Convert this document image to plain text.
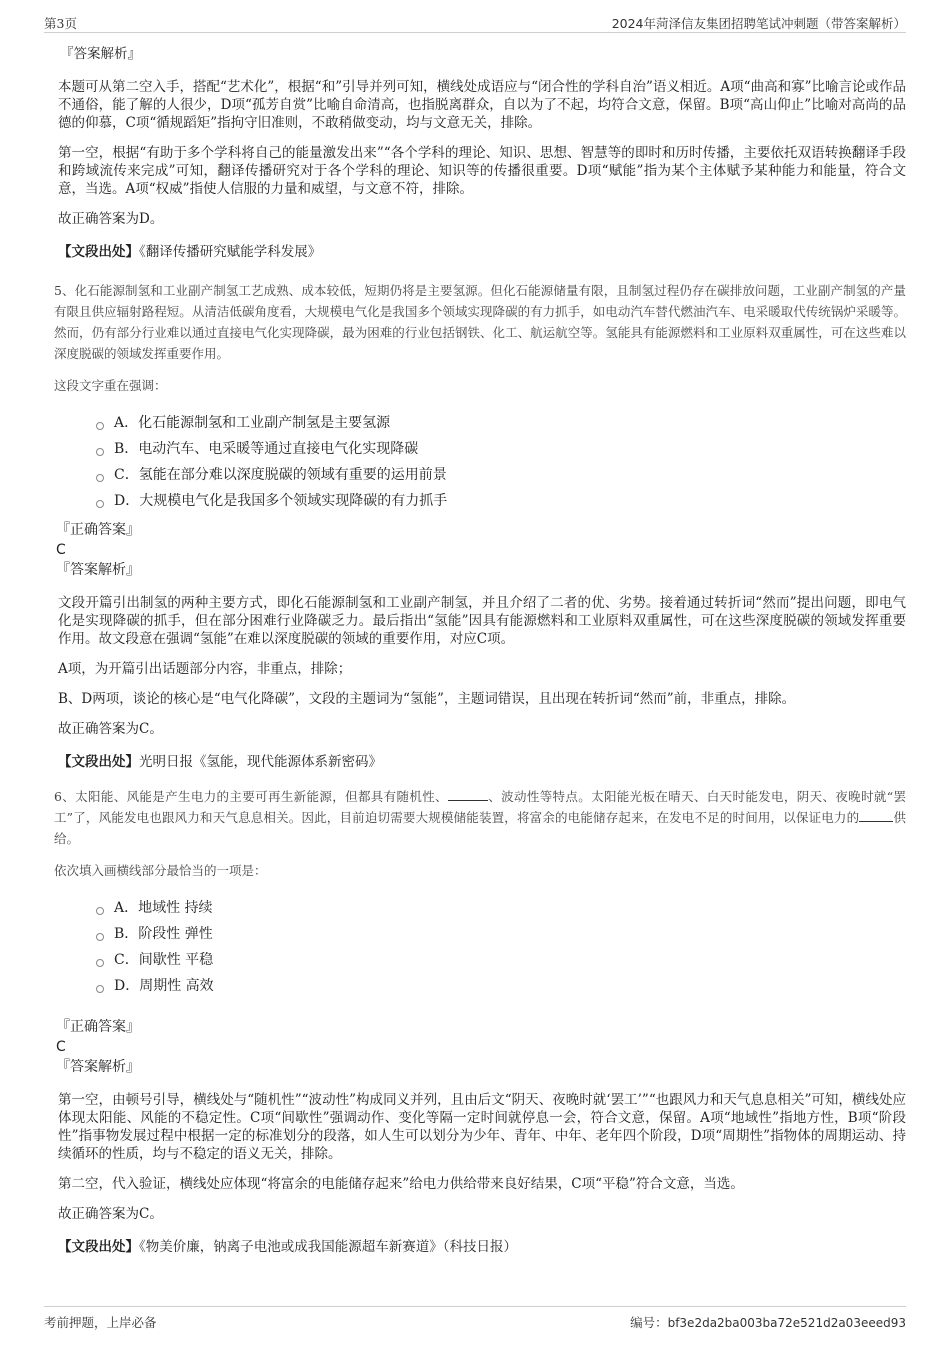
第3页	2024年菏泽信友集团招聘笔试冲刺题（带答案解析）
『答案解析』

本题可从第二空入手，搭配“艺术化”，根据“和”引导并列可知，横线处成语应与“闭合性的学科自治”语义相近。A项“曲高和寡”比喻言论或作品不通俗，能了解的人很少，D项“孤芳自赏”比喻自命清高，也指脱离群众，自以为了不起，均符合文意，保留。B项“高山仰止”比喻对高尚的品德的仰慕，C项“循规蹈矩”指拘守旧准则，不敢稍做变动，均与文意无关，排除。

第一空，根据“有助于多个学科将自己的能量激发出来”“各个学科的理论、知识、思想、智慧等的即时和历时传播，主要依托双语转换翻译手段和跨域流传来完成”可知，翻译传播研究对于各个学科的理论、知识等的传播很重要。D项“赋能”指为某个主体赋予某种能力和能量，符合文意，当选。A项“权威”指使人信服的力量和威望，与文意不符，排除。

故正确答案为D。

【文段出处】《翻译传播研究赋能学科发展》

5、化石能源制氢和工业副产制氢工艺成熟、成本较低，短期仍将是主要氢源。但化石能源储量有限，且制氢过程仍存在碳排放问题，工业副产制氢的产量有限且供应辐射路程短。从清洁低碳角度看，大规模电气化是我国多个领域实现降碳的有力抓手，如电动汽车替代燃油汽车、电采暖取代传统锅炉采暖等。然而，仍有部分行业难以通过直接电气化实现降碳，最为困难的行业包括钢铁、化工、航运航空等。氢能具有能源燃料和工业原料双重属性，可在这些难以深度脱碳的领域发挥重要作用。

这段文字重在强调：

A．化石能源制氢和工业副产制氢是主要氢源
B．电动汽车、电采暖等通过直接电气化实现降碳
C．氢能在部分难以深度脱碳的领域有重要的运用前景
D．大规模电气化是我国多个领域实现降碳的有力抓手

『正确答案』

C

『答案解析』

文段开篇引出制氢的两种主要方式，即化石能源制氢和工业副产制氢，并且介绍了二者的优、劣势。接着通过转折词“然而”提出问题，即电气化是实现降碳的抓手，但在部分困难行业降碳乏力。最后指出“氢能”因具有能源燃料和工业原料双重属性，可在这些深度脱碳的领域发挥重要作用。故文段意在强调“氢能”在难以深度脱碳的领域的重要作用，对应C项。

A项，为开篇引出话题部分内容，非重点，排除；

B、D两项，谈论的核心是“电气化降碳”，文段的主题词为“氢能”，主题词错误，且出现在转折词“然而”前，非重点，排除。

故正确答案为C。

【文段出处】光明日报《氢能，现代能源体系新密码》

6、太阳能、风能是产生电力的主要可再生新能源，但都具有随机性、	、波动性等特点。太阳能光板在晴天、白天时能发电，阴天、夜晚时就“罢工”了，风能发电也跟风力和天气息息相关。因此，目前迫切需要大规模储能装置，将富余的电能储存起来，在发电不足的时间用，以保证电力的	供给。

依次填入画横线部分最恰当的一项是：

A．地域性 持续
B．阶段性 弹性
C．间歇性 平稳
D．周期性 高效

『正确答案』

C

『答案解析』

第一空，由顿号引导，横线处与“随机性”“波动性”构成同义并列，且由后文“阴天、夜晚时就‘罢工’”“也跟风力和天气息息相关”可知，横线处应体现太阳能、风能的不稳定性。C项“间歇性”强调动作、变化等隔一定时间就停息一会，符合文意，保留。A项“地域性”指地方性，B项“阶段性”指事物发展过程中根据一定的标准划分的段落，如人生可以划分为少年、青年、中年、老年四个阶段，D项“周期性”指物体的周期运动、持续循环的性质，均与不稳定的语义无关，排除。

第二空，代入验证，横线处应体现“将富余的电能储存起来”给电力供给带来良好结果，C项“平稳”符合文意，当选。

故正确答案为C。

【文段出处】《物美价廉，钠离子电池或成我国能源超车新赛道》（科技日报）

考前押题，上岸必备	编号：bf3e2da2ba003ba72e521d2a03eeed93
